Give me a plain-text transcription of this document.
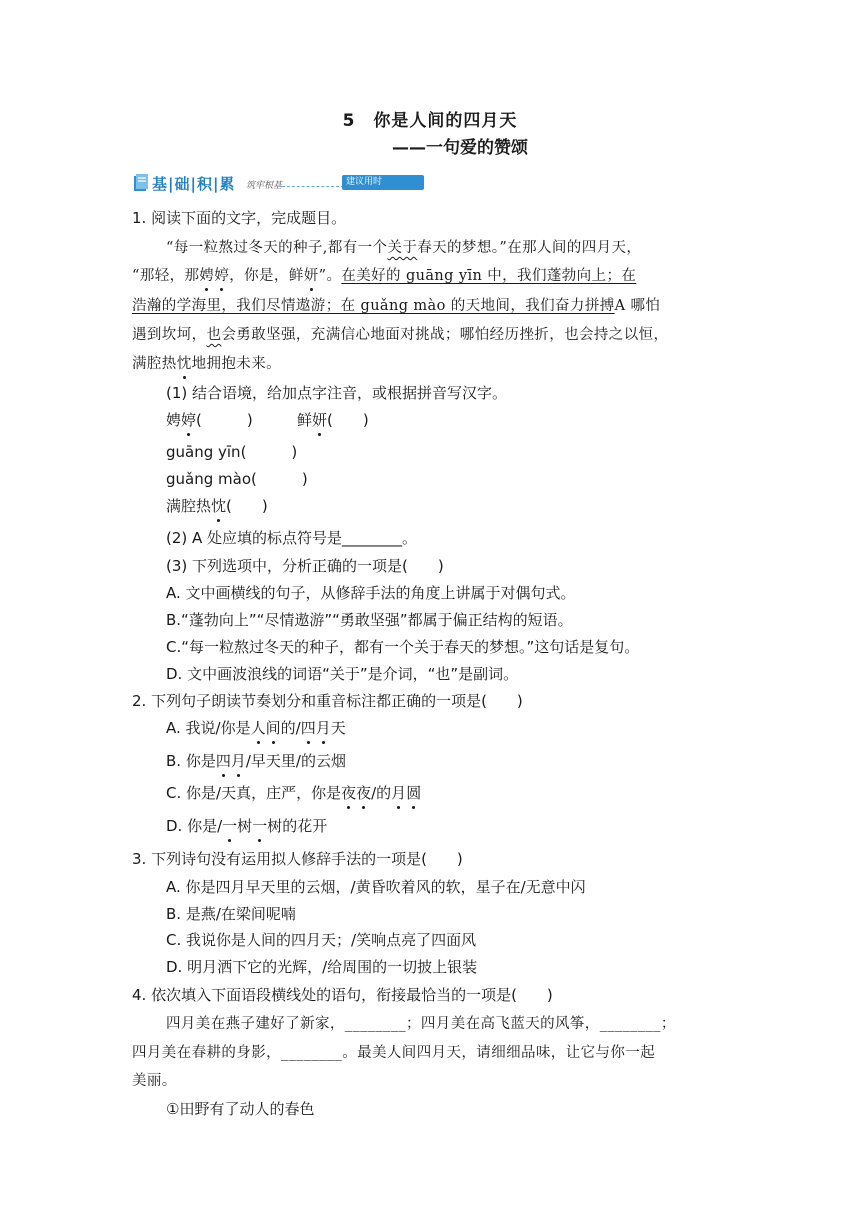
5　你是人间的四月天
——一句爱的赞颂
基|础|积|累 筑牢根基	建议用时15min
1. 阅读下面的文字，完成题目。
“每一粒熬过冬天的种子,都有一个关于春天的梦想。”在那人间的四月天，
“那轻，那娉婷，你是，鲜妍”。在美好的 guāng yīn 中，我们蓬勃向上；在
浩瀚的学海里，我们尽情遨游；在 guǎng mào 的天地间，我们奋力拼搏A 哪怕
遇到坎坷，也会勇敢坚强，充满信心地面对挑战；哪怕经历挫折，也会持之以恒，
满腔热忱地拥抱未来。
(1) 结合语境，给加点字注音，或根据拼音写汉字。
娉婷(　　　)	鲜妍(　　)
guāng yīn(　　　)
guǎng mào(　　　)
满腔热忱(　　)
(2) A 处应填的标点符号是________。
(3) 下列选项中，分析正确的一项是(　　)
A. 文中画横线的句子，从修辞手法的角度上讲属于对偶句式。
B.“蓬勃向上”“尽情遨游”“勇敢坚强”都属于偏正结构的短语。
C.“每一粒熬过冬天的种子，都有一个关于春天的梦想。”这句话是复句。
D. 文中画波浪线的词语“关于”是介词，“也”是副词。
2. 下列句子朗读节奏划分和重音标注都正确的一项是(　　)
A. 我说/你是人间的/四月天
B. 你是四月/早天里/的云烟
C. 你是/天真，庄严，你是夜夜/的月圆
D. 你是/一树一树的花开
3. 下列诗句没有运用拟人修辞手法的一项是(　　)
A. 你是四月早天里的云烟，/黄昏吹着风的软，星子在/无意中闪
B. 是燕/在梁间呢喃
C. 我说你是人间的四月天；/笑响点亮了四面风
D. 明月洒下它的光辉，/给周围的一切披上银装
4. 依次填入下面语段横线处的语句，衔接最恰当的一项是(　　)
四月美在燕子建好了新家，________；四月美在高飞蓝天的风筝，________；
四月美在春耕的身影，________。最美人间四月天，请细细品味，让它与你一起
美丽。
①田野有了动人的春色
